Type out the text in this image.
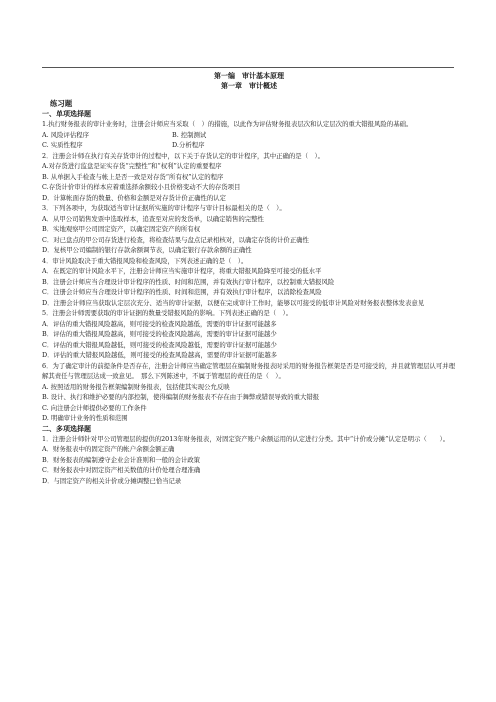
第一编　审计基本原理
第一章　审计概述
练习题
一、单项选择题
1.执行财务报表的审计业务时，注册会计师应当采取（　）的措施，以此作为评估财务报表层次和认定层次的重大错报风险的基础。
A. 风险评估程序	B. 控制测试
C. 实质性程序	D.分析程序
2．注册会计师在执行有关存货审计的过程中，以下关于存货认定的审计程序，其中正确的是（　）。
A.对存货进行监盘是证实存货“完整性”和“权利”认定的重要程序
B. 从单据入手检查与帐上是否一致是对存货“所有权”认定的程序
C.存货计价审计的样本应着重选择余额较小且价格变动不大的存货项目
D．计算帐面存货的数量、价格和金额是对存货计价正确性的认定
3．下列各项中，为获取适当审计证据所实施的审计程序与审计目标最相关的是（　）。
A．从甲公司销售发票中选取样本，追查至对应的发货单，以确定销售的完整性
B．实地观察甲公司固定资产，以确定固定资产的所有权
C．对已盘点的甲公司存货进行检查，将检查结果与盘点记录相核对，以确定存货的计价正确性
D．复核甲公司编制的银行存款余额调节表，以确定银行存款余额的正确性
4．审计风险取决于重大错报风险和检查风险，下列表述正确的是（　）。
A．在既定的审计风险水平下，注册会计师应当实施审计程序，将重大错报风险降至可接受的低水平
B．注册会计师应当合理设计审计程序的性质、时间和范围，并有效执行审计程序，以控制重大错报风险
C．注册会计师应当合理设计审计程序的性质、时间和范围，并有效执行审计程序，以消除检查风险
D．注册会计师应当获取认定层次充分、适当的审计证据，以便在完成审计工作时，能够以可接受的低审计风险对财务报表整体发表意见
5．注册会计师需要获取的审计证据的数量受错报风险的影响。下列表述正确的是（　）。
A．评估的重大错报风险越高，则可接受的检查风险越低，需要的审计证据可能越多
B．评估的重大错报风险越高，则可接受的检查风险越高，需要的审计证据可能越少
C．评估的重大错报风险越低，则可接受的检查风险越低，需要的审计证据可能越少
D．评估的重大错报风险越低，则可接受的检查风险越高，需要的审计证据可能越多
6．为了确定审计的前提条件是否存在，注册会计师应当确定管理层在编制财务报表时采用的财务报告框架是否是可接受的，并且就管理层认可并理解其责任与管理层达成一致意见。　那么下列陈述中，不属于管理层的责任的是（　）。
A. 按照适用的财务报告框架编制财务报表，包括使其实现公允反映
B. 设计、执行和维护必要的内部控制，使得编制的财务报表不存在由于舞弊或错误导致的重大错报
C. 向注册会计师提供必要的工作条件
D. 明确审计业务的性质和范围
二、多项选择题
1．注册会计师针对甲公司管理层的提供的2013年财务报表，对固定资产账户余额运用的认定进行分类。其中“计价或分摊”认定是明示（　　）。
A．财务报表中的固定资产的帐户余额金额正确
B．财务报表的编制遵守企业会计准则和一般的会计政策
C．财务报表中对固定资产相关数值的计价处理合理准确
D．与固定资产的相关计价或分摊调整已恰当记录
